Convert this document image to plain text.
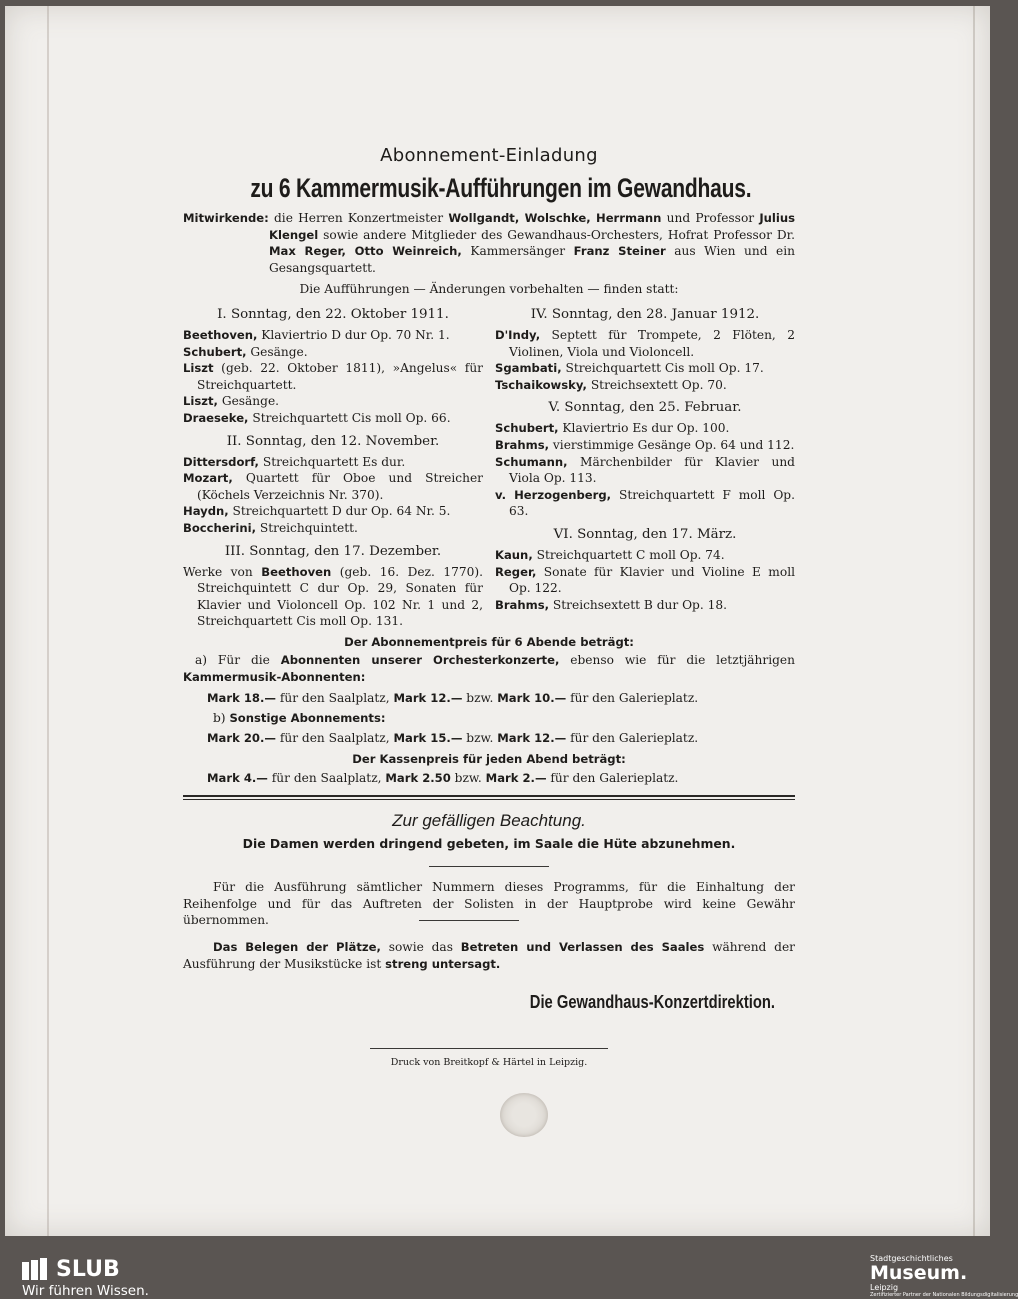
Abonnement-Einladung

zu 6 Kammermusik-Aufführungen im Gewandhaus.

Mitwirkende: die Herren Konzertmeister Wollgandt, Wolschke, Herrmann und Professor Julius Klengel sowie andere Mitglieder des Gewandhaus-Orchesters, Hofrat Professor Dr. Max Reger, Otto Weinreich, Kammersänger Franz Steiner aus Wien und ein Gesangsquartett.

Die Aufführungen — Änderungen vorbehalten — finden statt:

I. Sonntag, den 22. Oktober 1911.

Beethoven, Klaviertrio D dur Op. 70 Nr. 1.

Schubert, Gesänge.

Liszt (geb. 22. Oktober 1811), »Angelus« für Streichquartett.

Liszt, Gesänge.

Draeseke, Streichquartett Cis moll Op. 66.

II. Sonntag, den 12. November.

Dittersdorf, Streichquartett Es dur.

Mozart, Quartett für Oboe und Streicher (Köchels Verzeichnis Nr. 370).

Haydn, Streichquartett D dur Op. 64 Nr. 5.

Boccherini, Streichquintett.

III. Sonntag, den 17. Dezember.

Werke von Beethoven (geb. 16. Dez. 1770). Streichquintett C dur Op. 29, Sonaten für Klavier und Violoncell Op. 102 Nr. 1 und 2, Streichquartett Cis moll Op. 131.

IV. Sonntag, den 28. Januar 1912.

D'Indy, Septett für Trompete, 2 Flöten, 2 Violinen, Viola und Violoncell.

Sgambati, Streichquartett Cis moll Op. 17.

Tschaikowsky, Streichsextett Op. 70.

V. Sonntag, den 25. Februar.

Schubert, Klaviertrio Es dur Op. 100.

Brahms, vierstimmige Gesänge Op. 64 und 112.

Schumann, Märchenbilder für Klavier und Viola Op. 113.

v. Herzogenberg, Streichquartett F moll Op. 63.

VI. Sonntag, den 17. März.

Kaun, Streichquartett C moll Op. 74.

Reger, Sonate für Klavier und Violine E moll Op. 122.

Brahms, Streichsextett B dur Op. 18.

Der Abonnementpreis für 6 Abende beträgt:

a) Für die Abonnenten unserer Orchesterkonzerte, ebenso wie für die letztjährigen Kammermusik-Abonnenten:

Mark 18.— für den Saalplatz, Mark 12.— bzw. Mark 10.— für den Galerieplatz.

b) Sonstige Abonnements:

Mark 20.— für den Saalplatz, Mark 15.— bzw. Mark 12.— für den Galerieplatz.

Der Kassenpreis für jeden Abend beträgt:

Mark 4.— für den Saalplatz, Mark 2.50 bzw. Mark 2.— für den Galerieplatz.

Zur gefälligen Beachtung.

Die Damen werden dringend gebeten, im Saale die Hüte abzunehmen.

Für die Ausführung sämtlicher Nummern dieses Programms, für die Einhaltung der Reihenfolge und für das Auftreten der Solisten in der Hauptprobe wird keine Gewähr übernommen.

Das Belegen der Plätze, sowie das Betreten und Verlassen des Saales während der Ausführung der Musikstücke ist streng untersagt.

Die Gewandhaus-Konzertdirektion.

Druck von Breitkopf & Härtel in Leipzig.

SLUB
Wir führen Wissen.
Stadtgeschichtliches
Museum.
Leipzig
Zertifizierter Partner der Nationalen Bildungsdigitalisierung
